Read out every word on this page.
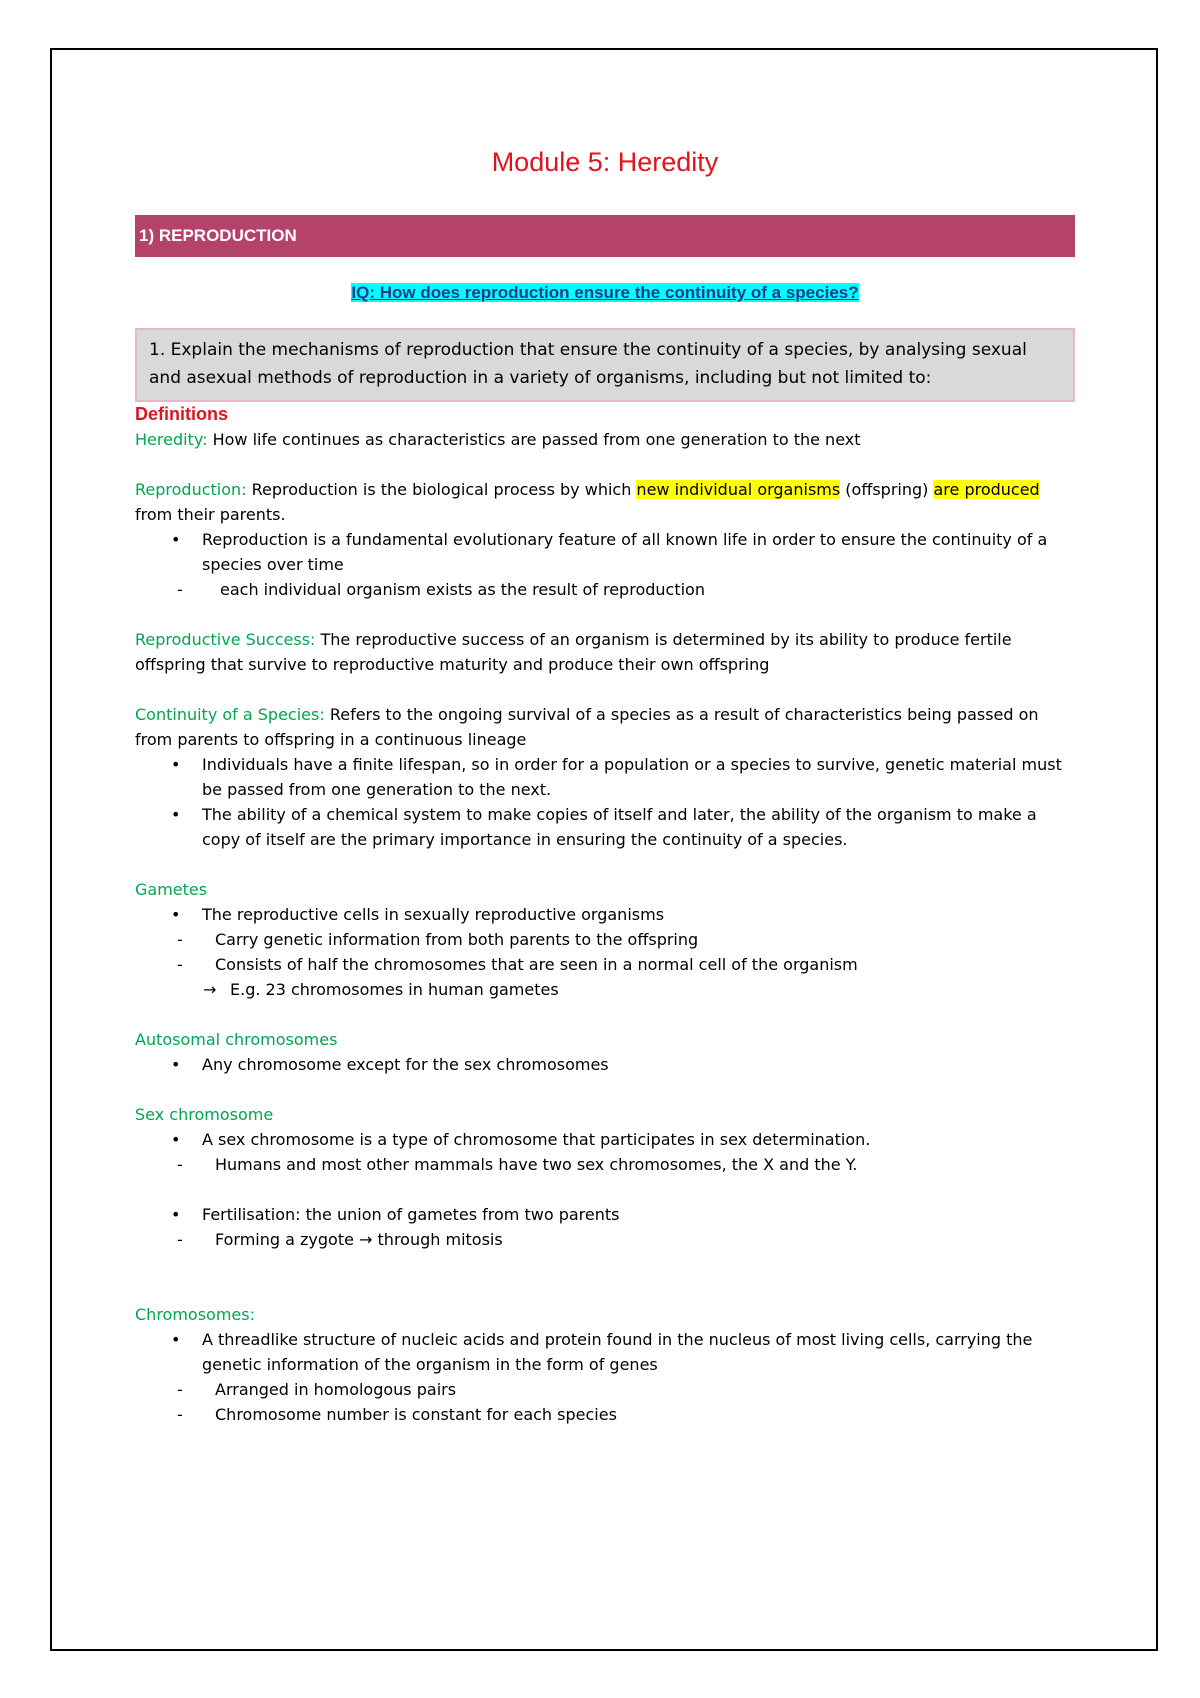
Module 5: Heredity
1) REPRODUCTION
IQ: How does reproduction ensure the continuity of a species?
1. Explain the mechanisms of reproduction that ensure the continuity of a species, by analysing sexual and asexual methods of reproduction in a variety of organisms, including but not limited to:

Definitions

Heredity: How life continues as characteristics are passed from one generation to the next

Reproduction: Reproduction is the biological process by which new individual organisms (offspring) are produced from their parents.

• Reproduction is a fundamental evolutionary feature of all known life in order to ensure the continuity of a species over time
- each individual organism exists as the result of reproduction

Reproductive Success: The reproductive success of an organism is determined by its ability to produce fertile offspring that survive to reproductive maturity and produce their own offspring

Continuity of a Species: Refers to the ongoing survival of a species as a result of characteristics being passed on from parents to offspring in a continuous lineage

• Individuals have a finite lifespan, so in order for a population or a species to survive, genetic material must be passed from one generation to the next.
• The ability of a chemical system to make copies of itself and later, the ability of the organism to make a copy of itself are the primary importance in ensuring the continuity of a species.

Gametes

• The reproductive cells in sexually reproductive organisms
- Carry genetic information from both parents to the offspring
- Consists of half the chromosomes that are seen in a normal cell of the organism
→ E.g. 23 chromosomes in human gametes

Autosomal chromosomes

• Any chromosome except for the sex chromosomes

Sex chromosome

• A sex chromosome is a type of chromosome that participates in sex determination.
- Humans and most other mammals have two sex chromosomes, the X and the Y.
• Fertilisation: the union of gametes from two parents
- Forming a zygote → through mitosis

Chromosomes:

• A threadlike structure of nucleic acids and protein found in the nucleus of most living cells, carrying the genetic information of the organism in the form of genes
- Arranged in homologous pairs
- Chromosome number is constant for each species
